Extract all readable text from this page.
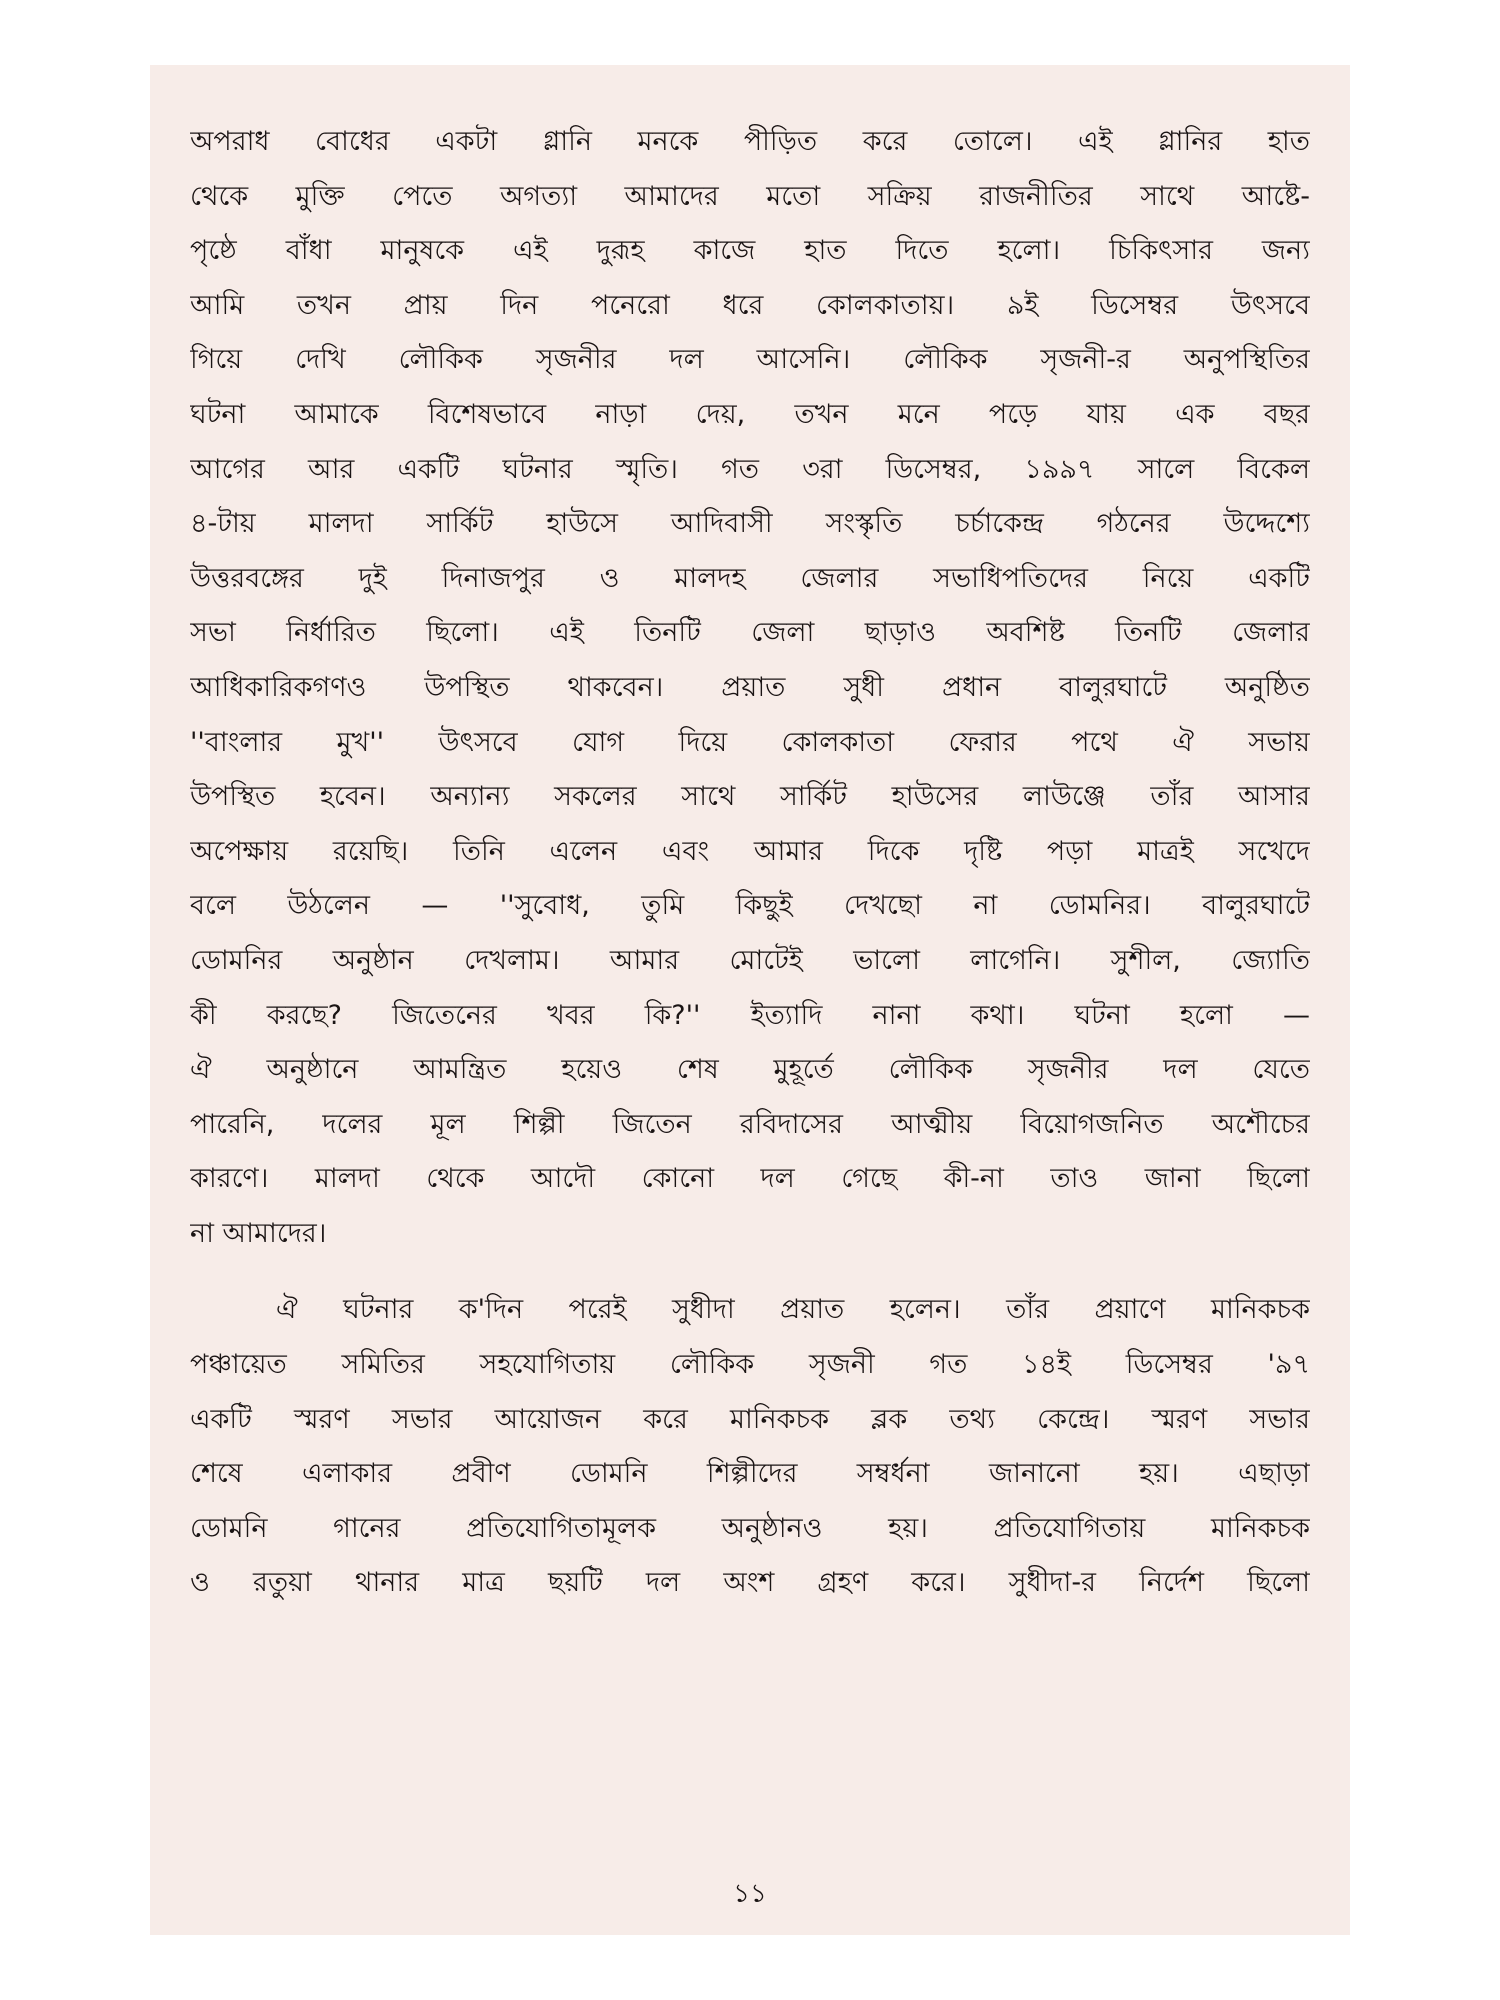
অপরাধ বোধের একটা গ্লানি মনকে পীড়িত করে তোলে। এই গ্লানির হাত
থেকে মুক্তি পেতে অগত্যা আমাদের মতো সক্রিয় রাজনীতির সাথে আষ্টে-
পৃষ্ঠে বাঁধা মানুষকে এই দুরূহ কাজে হাত দিতে হলো। চিকিৎসার জন্য
আমি তখন প্রায় দিন পনেরো ধরে কোলকাতায়। ৯ই ডিসেম্বর উৎসবে
গিয়ে দেখি লৌকিক সৃজনীর দল আসেনি। লৌকিক সৃজনী-র অনুপস্থিতির
ঘটনা আমাকে বিশেষভাবে নাড়া দেয়, তখন মনে পড়ে যায় এক বছর
আগের আর একটি ঘটনার স্মৃতি। গত ৩রা ডিসেম্বর, ১৯৯৭ সালে বিকেল
৪-টায় মালদা সার্কিট হাউসে আদিবাসী সংস্কৃতি চর্চাকেন্দ্র গঠনের উদ্দেশ্যে
উত্তরবঙ্গের দুই দিনাজপুর ও মালদহ জেলার সভাধিপতিদের নিয়ে একটি
সভা নির্ধারিত ছিলো। এই তিনটি জেলা ছাড়াও অবশিষ্ট তিনটি জেলার
আধিকারিকগণও উপস্থিত থাকবেন। প্রয়াত সুধী প্রধান বালুরঘাটে অনুষ্ঠিত
''বাংলার মুখ'' উৎসবে যোগ দিয়ে কোলকাতা ফেরার পথে ঐ সভায়
উপস্থিত হবেন। অন্যান্য সকলের সাথে সার্কিট হাউসের লাউঞ্জে তাঁর আসার
অপেক্ষায় রয়েছি। তিনি এলেন এবং আমার দিকে দৃষ্টি পড়া মাত্রই সখেদে
বলে উঠলেন — ''সুবোধ, তুমি কিছুই দেখছো না ডোমনির। বালুরঘাটে
ডোমনির অনুষ্ঠান দেখলাম। আমার মোটেই ভালো লাগেনি। সুশীল, জ্যোতি
কী করছে? জিতেনের খবর কি?'' ইত্যাদি নানা কথা। ঘটনা হলো —
ঐ অনুষ্ঠানে আমন্ত্রিত হয়েও শেষ মুহূর্তে লৌকিক সৃজনীর দল যেতে
পারেনি, দলের মূল শিল্পী জিতেন রবিদাসের আত্মীয় বিয়োগজনিত অশৌচের
কারণে। মালদা থেকে আদৌ কোনো দল গেছে কী-না তাও জানা ছিলো
না আমাদের।
ঐ ঘটনার ক'দিন পরেই সুধীদা প্রয়াত হলেন। তাঁর প্রয়াণে মানিকচক
পঞ্চায়েত সমিতির সহযোগিতায় লৌকিক সৃজনী গত ১৪ই ডিসেম্বর '৯৭
একটি স্মরণ সভার আয়োজন করে মানিকচক ব্লক তথ্য কেন্দ্রে। স্মরণ সভার
শেষে এলাকার প্রবীণ ডোমনি শিল্পীদের সম্বর্ধনা জানানো হয়। এছাড়া
ডোমনি গানের প্রতিযোগিতামূলক অনুষ্ঠানও হয়। প্রতিযোগিতায় মানিকচক
ও রতুয়া থানার মাত্র ছয়টি দল অংশ গ্রহণ করে। সুধীদা-র নির্দেশ ছিলো
১১
